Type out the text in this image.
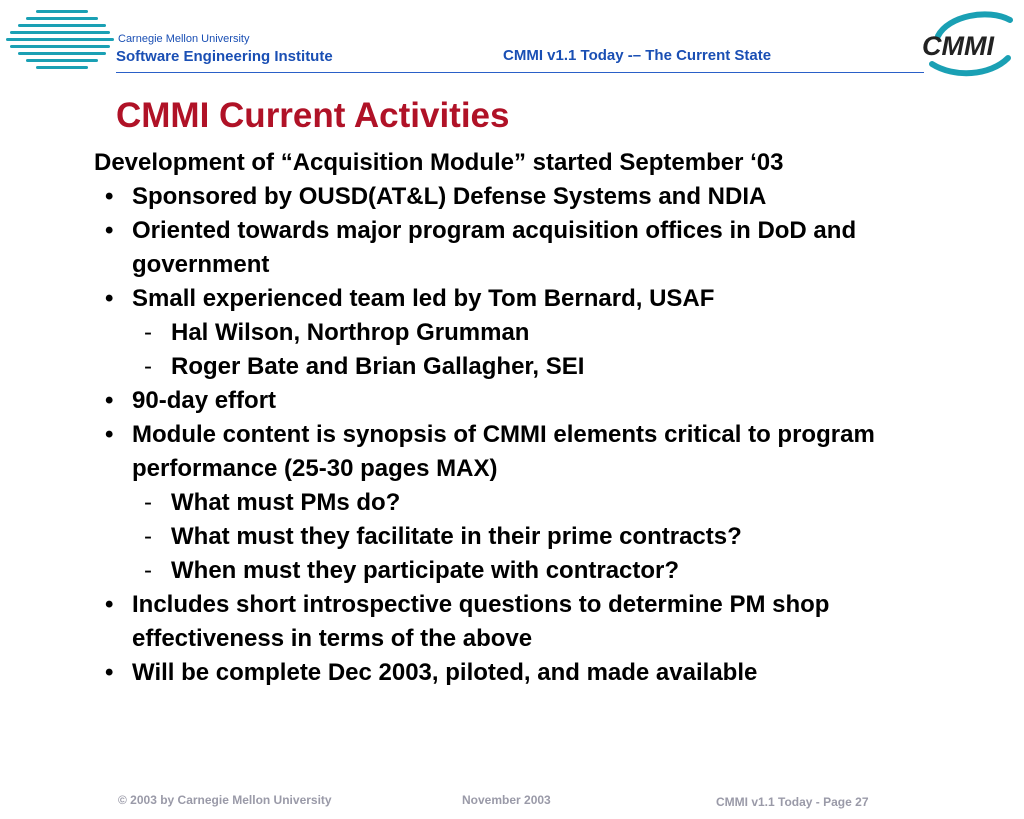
Carnegie Mellon University
Software Engineering Institute	CMMI v1.1 Today -– The Current State	CMMI
CMMI Current Activities
Development of “Acquisition Module” started September ‘03
• Sponsored by OUSD(AT&L) Defense Systems and NDIA
• Oriented towards major program acquisition offices in DoD and government
• Small experienced team led by Tom Bernard, USAF
- Hal Wilson, Northrop Grumman
- Roger Bate and Brian Gallagher, SEI
• 90-day effort
• Module content is synopsis of CMMI elements critical to program performance (25-30 pages MAX)
- What must PMs do?
- What must they facilitate in their prime contracts?
- When must they participate with contractor?
• Includes short introspective questions to determine PM shop effectiveness in terms of the above
• Will be complete Dec 2003, piloted, and made available
© 2003 by Carnegie Mellon University	November 2003	CMMI v1.1 Today - Page 27
